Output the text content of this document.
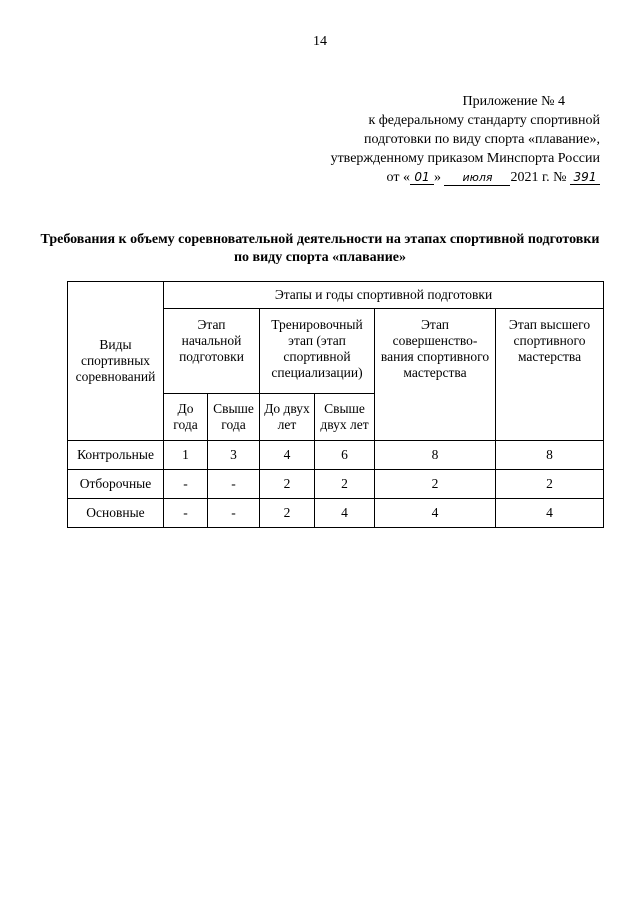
14
Приложение № 4
к федеральному стандарту спортивной
подготовки по виду спорта «плавание»,
утвержденному приказом Минспорта России
от « 01 » июля 2021 г. № 391
Требования к объему соревновательной деятельности на этапах спортивной подготовки по виду спорта «плавание»
Виды спортивных соревнований	Этапы и годы спортивной подготовки					
	Этап начальной подготовки		Тренировочный этап (этап спортивной специализации)		Этап совершенство-вания спортивного мастерства	Этап высшего спортивного мастерства
	До года	Свыше года	До двух лет	Свыше двух лет		
Контрольные	1	3	4	6	8	8
Отборочные	-	-	2	2	2	2
Основные	-	-	2	4	4	4
